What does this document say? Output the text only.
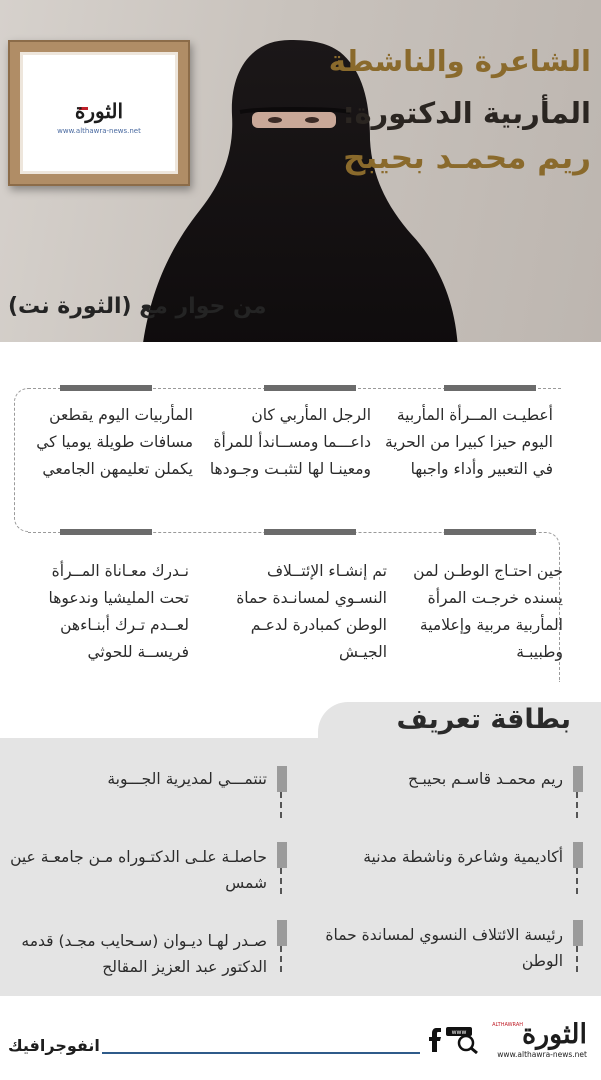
الثورة
www.althawra-news.net
الشاعرة والناشطة
المأربية الدكتورة:
ريم محمـد بحيبح
من حوار مع (الثورة نت)
أعطيـت المــرأة المأربية اليوم حيزا كبيرا من الحرية في التعبير وأداء واجبها
الرجل المأربي كان داعـــما ومســاندأ للمرأة ومعينـا لها لتثبـت وجـودها
المأربيات اليوم يقطعن مسافات طويلة يوميا كي يكملن تعليمهن الجامعي
حين احتـاج الوطـن لمن يسنده خرجـت المرأة المأربية مربية وإعلامية وطبيبـة
تم إنشـاء الإئتــلاف النسـوي لمسانـدة حماة الوطن كمبادرة لدعـم الجيـش
نـدرك معـاناة المــرأة تحت المليشيا وندعوها لعــدم تـرك أبنـاءهن فريســة للحوثي
بطاقة تعريف
ريم محمـد قاسـم بحيبـح
أكاديمية وشاعرة وناشطة مدنية
رئيسة الائتلاف النسوي لمساندة حماة الوطن
تنتمـــي لمديرية الجـــوبة
حاصلـة علـى الدكتـوراه مـن جامعـة عين شمس
صـدر لهـا ديـوان (سـحايب مجـد) قدمه الدكتور عبد العزيز المقالح
انفوجرافيك
www
ALTHAWRAH
الثورة
www.althawra-news.net
